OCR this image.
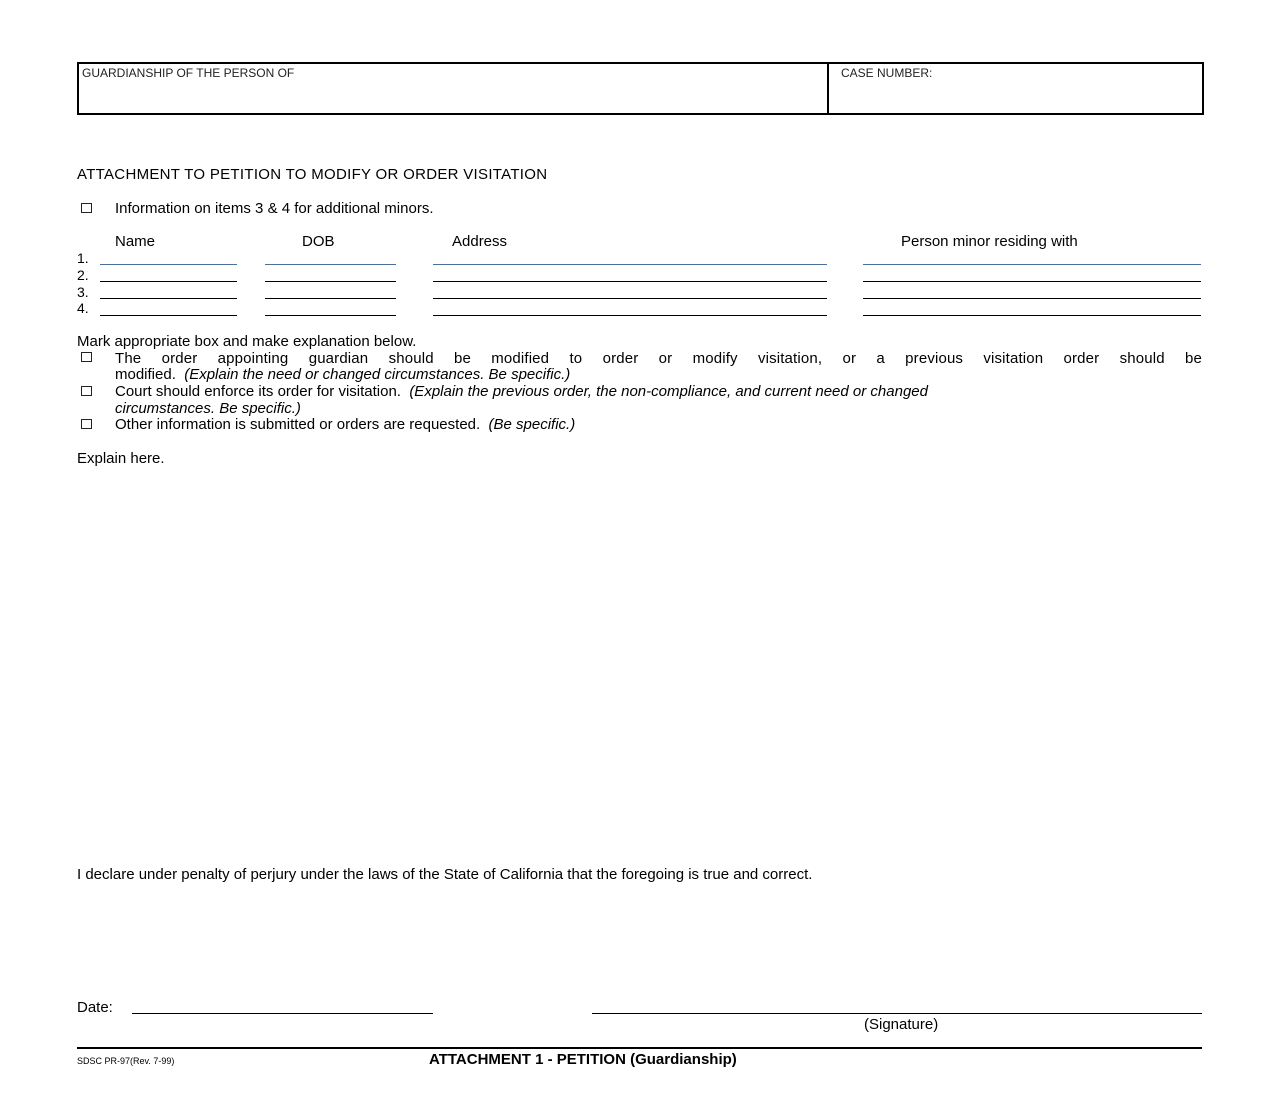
GUARDIANSHIP OF THE PERSON OF	CASE NUMBER:
ATTACHMENT TO PETITION TO MODIFY OR ORDER VISITATION
Information on items 3 & 4 for additional minors.
Name	DOB	Address	Person minor residing with
1.
2.
3.
4.
Mark appropriate box and make explanation below.
The order appointing guardian should be modified to order or modify visitation, or a previous visitation order should be
modified. (Explain the need or changed circumstances. Be specific.)
Court should enforce its order for visitation. (Explain the previous order, the non-compliance, and current need or changed
circumstances. Be specific.)
Other information is submitted or orders are requested. (Be specific.)
Explain here.
I declare under penalty of perjury under the laws of the State of California that the foregoing is true and correct.
Date:
(Signature)
SDSC PR-97(Rev. 7-99)	ATTACHMENT 1 - PETITION (Guardianship)
